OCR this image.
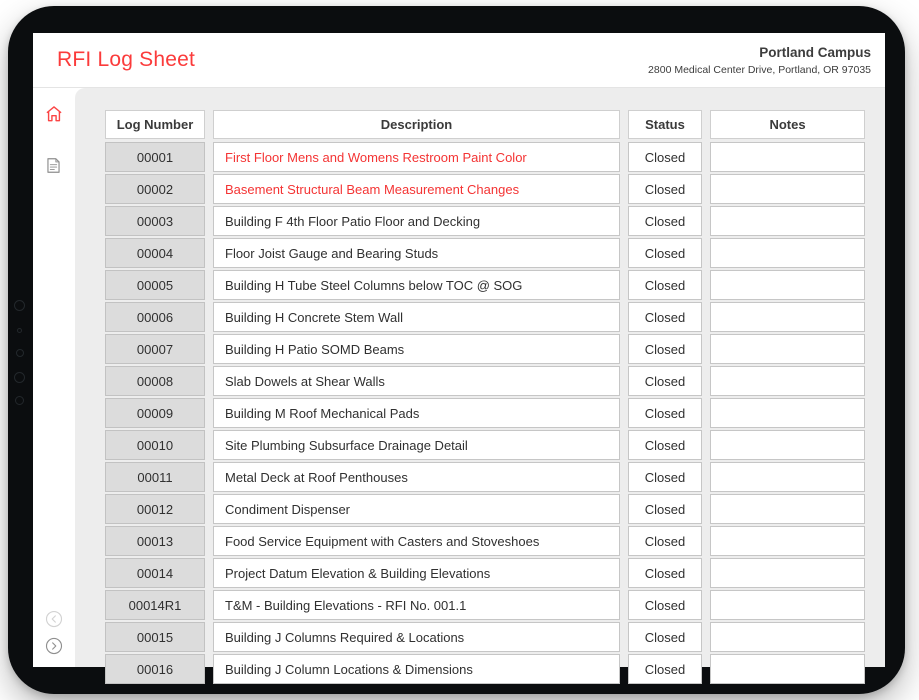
RFI Log Sheet	Portland Campus
2800 Medical Center Drive, Portland, OR 97035
Log Number	Description	Status	Notes
00001	First Floor Mens and Womens Restroom Paint Color	Closed
00002	Basement Structural Beam Measurement Changes	Closed
00003	Building F 4th Floor Patio Floor and Decking	Closed
00004	Floor Joist Gauge and Bearing Studs	Closed
00005	Building H Tube Steel Columns below TOC @ SOG	Closed
00006	Building H Concrete Stem Wall	Closed
00007	Building H Patio SOMD Beams	Closed
00008	Slab Dowels at Shear Walls	Closed
00009	Building M Roof Mechanical Pads	Closed
00010	Site Plumbing Subsurface Drainage Detail	Closed
00011	Metal Deck at Roof Penthouses	Closed
00012	Condiment Dispenser	Closed
00013	Food Service Equipment with Casters and Stoveshoes	Closed
00014	Project Datum Elevation & Building Elevations	Closed
00014R1	T&M - Building Elevations - RFI No. 001.1	Closed
00015	Building J Columns Required & Locations	Closed
00016	Building J Column Locations & Dimensions	Closed
